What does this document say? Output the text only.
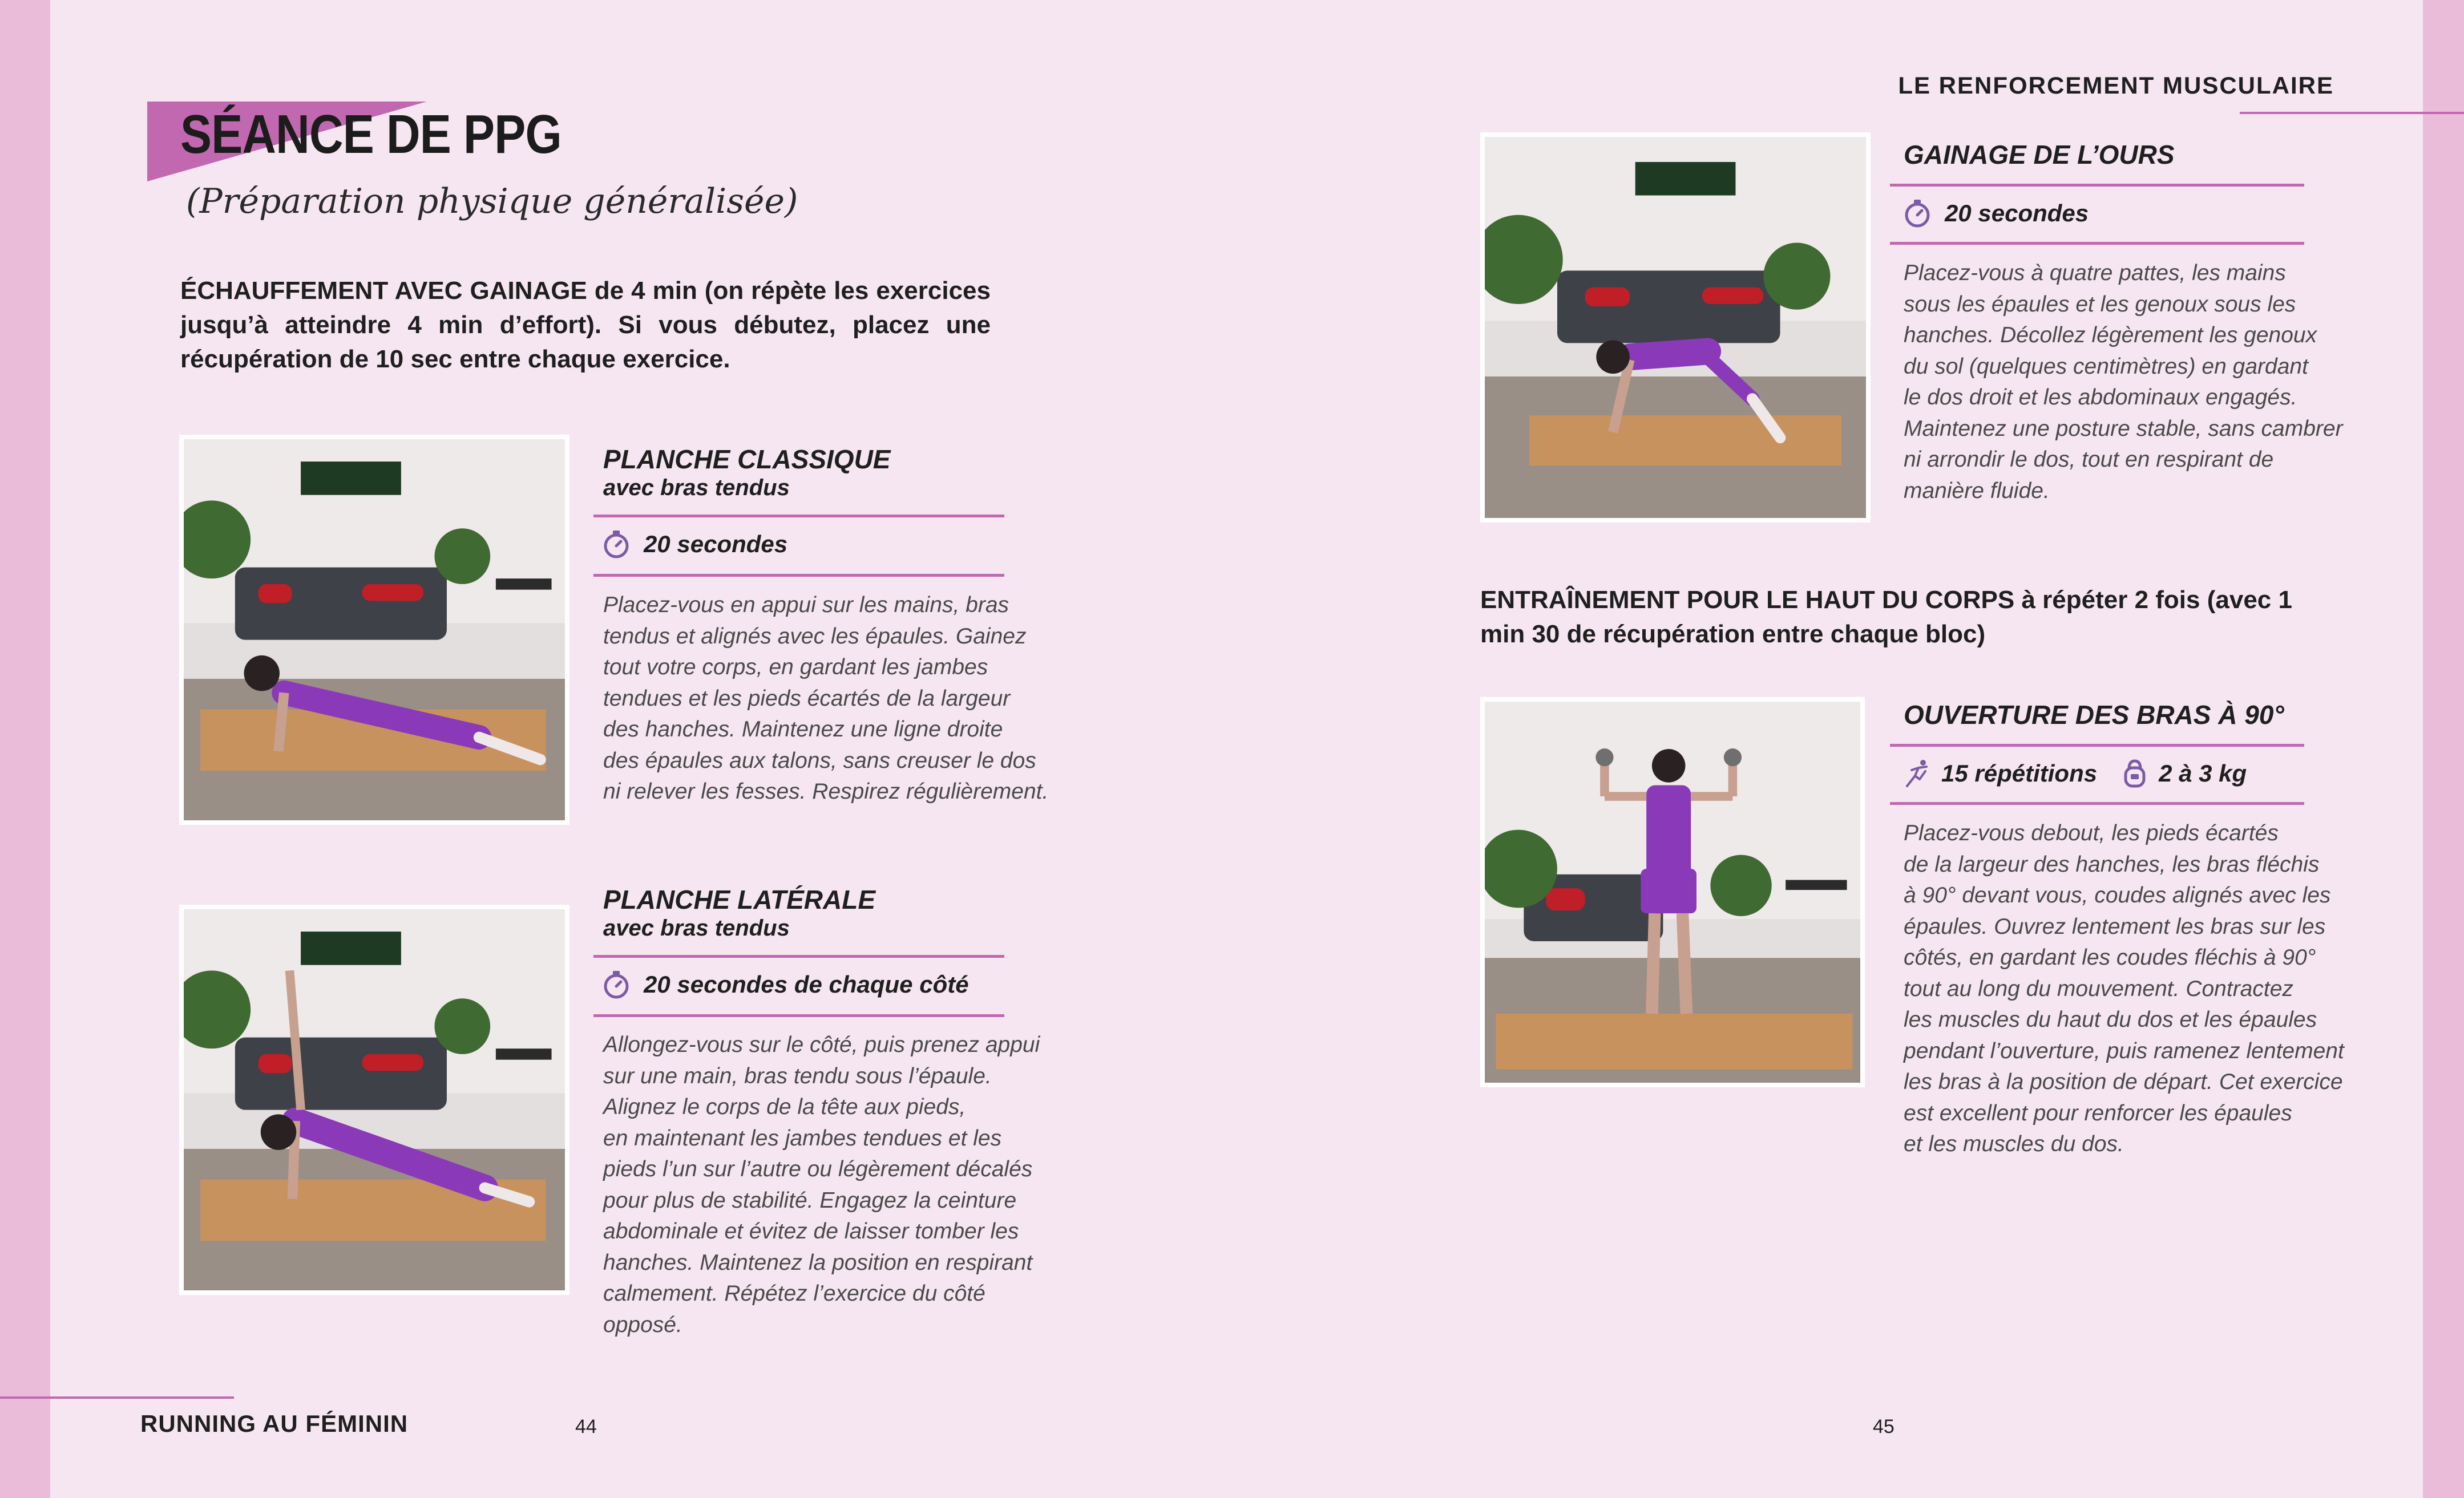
SÉANCE DE PPG
(Préparation physique généralisée)
ÉCHAUFFEMENT AVEC GAINAGE de 4 min (on répète les exercices jusqu’à atteindre 4 min d’effort). Si vous débutez, placez une récupération de 10 sec entre chaque exercice.
PLANCHE CLASSIQUE
avec bras tendus
20 secondes
Placez-vous en appui sur les mains, bras
tendus et alignés avec les épaules. Gainez
tout votre corps, en gardant les jambes
tendues et les pieds écartés de la largeur
des hanches. Maintenez une ligne droite
des épaules aux talons, sans creuser le dos
ni relever les fesses. Respirez régulièrement.
PLANCHE LATÉRALE
avec bras tendus
20 secondes de chaque côté
Allongez-vous sur le côté, puis prenez appui
sur une main, bras tendu sous l’épaule.
Alignez le corps de la tête aux pieds,
en maintenant les jambes tendues et les
pieds l’un sur l’autre ou légèrement décalés
pour plus de stabilité. Engagez la ceinture
abdominale et évitez de laisser tomber les
hanches. Maintenez la position en respirant
calmement. Répétez l’exercice du côté
opposé.
RUNNING AU FÉMININ	44
LE RENFORCEMENT MUSCULAIRE
GAINAGE DE L’OURS
20 secondes
Placez-vous à quatre pattes, les mains
sous les épaules et les genoux sous les
hanches. Décollez légèrement les genoux
du sol (quelques centimètres) en gardant
le dos droit et les abdominaux engagés.
Maintenez une posture stable, sans cambrer
ni arrondir le dos, tout en respirant de
manière fluide.
ENTRAÎNEMENT POUR LE HAUT DU CORPS à répéter 2 fois (avec 1 min 30 de récupération entre chaque bloc)
OUVERTURE DES BRAS À 90°
15 répétitions	2 à 3 kg
Placez-vous debout, les pieds écartés
de la largeur des hanches, les bras fléchis
à 90° devant vous, coudes alignés avec les
épaules. Ouvrez lentement les bras sur les
côtés, en gardant les coudes fléchis à 90°
tout au long du mouvement. Contractez
les muscles du haut du dos et les épaules
pendant l’ouverture, puis ramenez lentement
les bras à la position de départ. Cet exercice
est excellent pour renforcer les épaules
et les muscles du dos.
45
